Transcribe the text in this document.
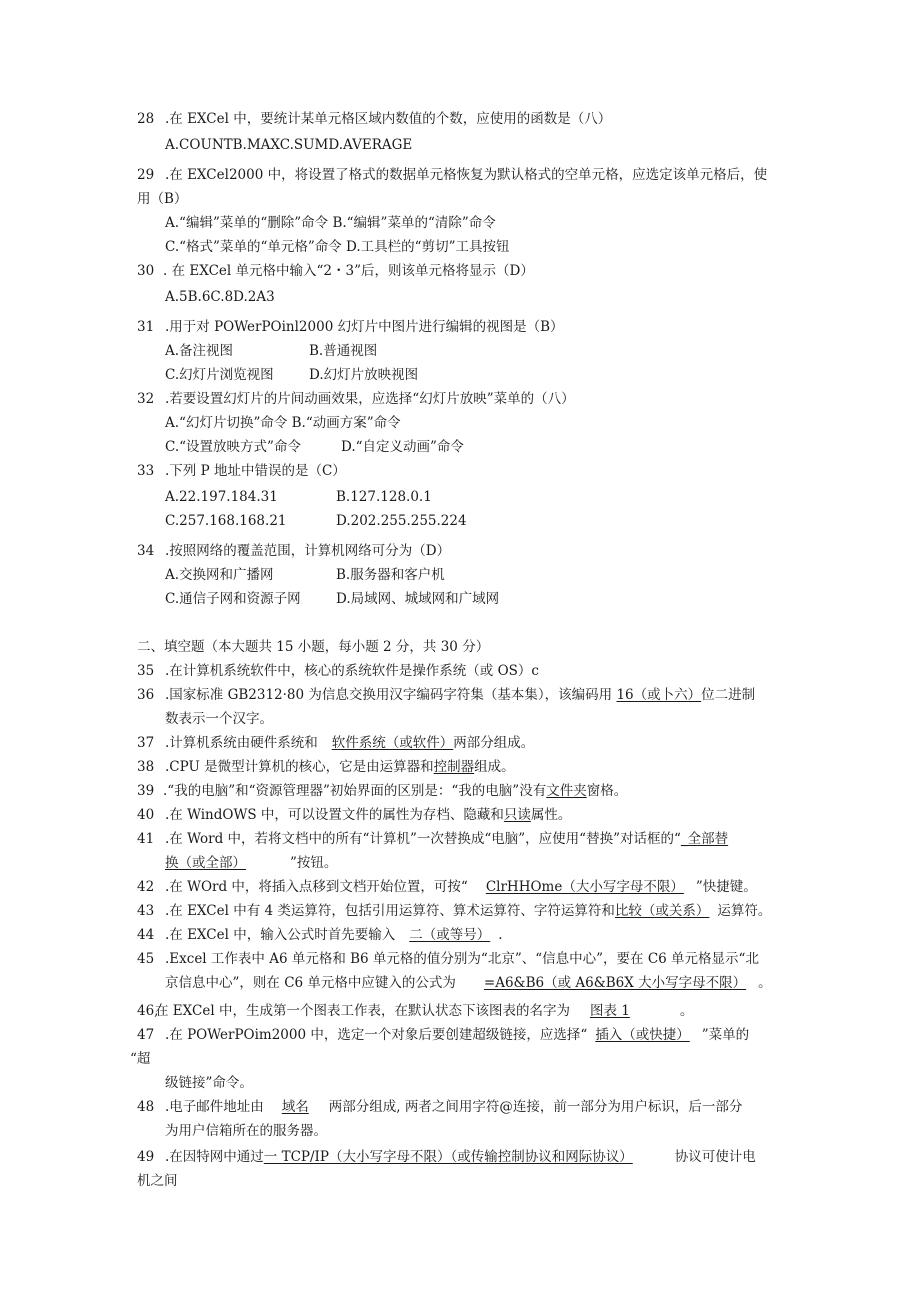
28 .在 EXCel 中，要统计某单元格区域内数值的个数，应使用的函数是（八）
A.COUNTB.MAXC.SUMD.AVERAGE
29 .在 EXCel2000 中，将设置了格式的数据单元格恢复为默认格式的空单元格，应选定该单元格后，使
用（B）
A.“编辑”菜单的“删除”命令 B.“编辑”菜单的“清除”命令
C.“格式”菜单的“单元格”命令 D.工具栏的“剪切”工具按钮
30 . 在 EXCel 单元格中输入“2・3”后，则该单元格将显示（D）
A.5B.6C.8D.2A3
31 .用于对 POWerPOinl2000 幻灯片中图片进行编辑的视图是（B）
A.备注视图	B.普通视图
C.幻灯片浏览视图	D.幻灯片放映视图
32 .若要设置幻灯片的片间动画效果，应选择“幻灯片放映”菜单的（八）
A.“幻灯片切换”命令 B.“动画方案”命令
C.“设置放映方式”命令	D.“自定义动画”命令
33 .下列 P 地址中错误的是（C）
A.22.197.184.31	B.127.128.0.1
C.257.168.168.21	D.202.255.255.224
34 .按照网络的覆盖范围，计算机网络可分为（D）
A.交换网和广播网	B.服务器和客户机
C.通信子网和资源子网	D.局域网、城域网和广域网
二、填空题（本大题共 15 小题，每小题 2 分，共 30 分）
35 .在计算机系统软件中，核心的系统软件是操作系统（或 OS）c
36 .国家标准 GB2312·80 为信息交换用汉字编码字符集（基本集），该编码用 16（或卜六）位二进制
数表示一个汉字。
37 .计算机系统由硬件系统和 软件系统（或软件）两部分组成。
38 .CPU 是微型计算机的核心，它是由运算器和控制器组成。
39 .“我的电脑”和“资源管理器”初始界面的区别是：“我的电脑”没有文件夹窗格。
40 .在 WindOWS 中，可以设置文件的属性为存档、隐藏和只读属性。
41 .在 Word 中，若将文档中的所有“计算机”一次替换成“电脑”，应使用“替换”对话框的“_全部替
换（或全部）	”按钮。
42 .在 WOrd 中，将插入点移到文档开始位置，可按“ ClrHHOme（大小写字母不限） ”快捷键。
43 .在 EXCel 中有 4 类运算符，包括引用运算符、算术运算符、字符运算符和比较（或关系） 运算符。
44 .在 EXCel 中，输入公式时首先要输入 二（或等号） .
45 .Excel 工作表中 A6 单元格和 B6 单元格的值分别为“北京”、“信息中心”，要在 C6 单元格显示“北
京信息中心”，则在 C6 单元格中应键入的公式为 =A6&B6（或 A6&B6X 大小写字母不限） 。
46,
在 EXCel 中，生成第一个图表工作表，在默认状态下该图表的名字为 图表 1	。
47 .在 POWerPOim2000 中，选定一个对象后要创建超级链接，应选择“ 插入（或快捷） ”菜单的
“超
级链接”命令。
48 .电子邮件地址由 域名 两部分组成, 两者之间用字符@连接，前一部分为用户标识，后一部分
为用户信箱所在的服务器。
49 .在因特网中通过一 TCP/IP（大小写字母不限）（或传输控制协议和网际协议）	协议可使计电
机之间
